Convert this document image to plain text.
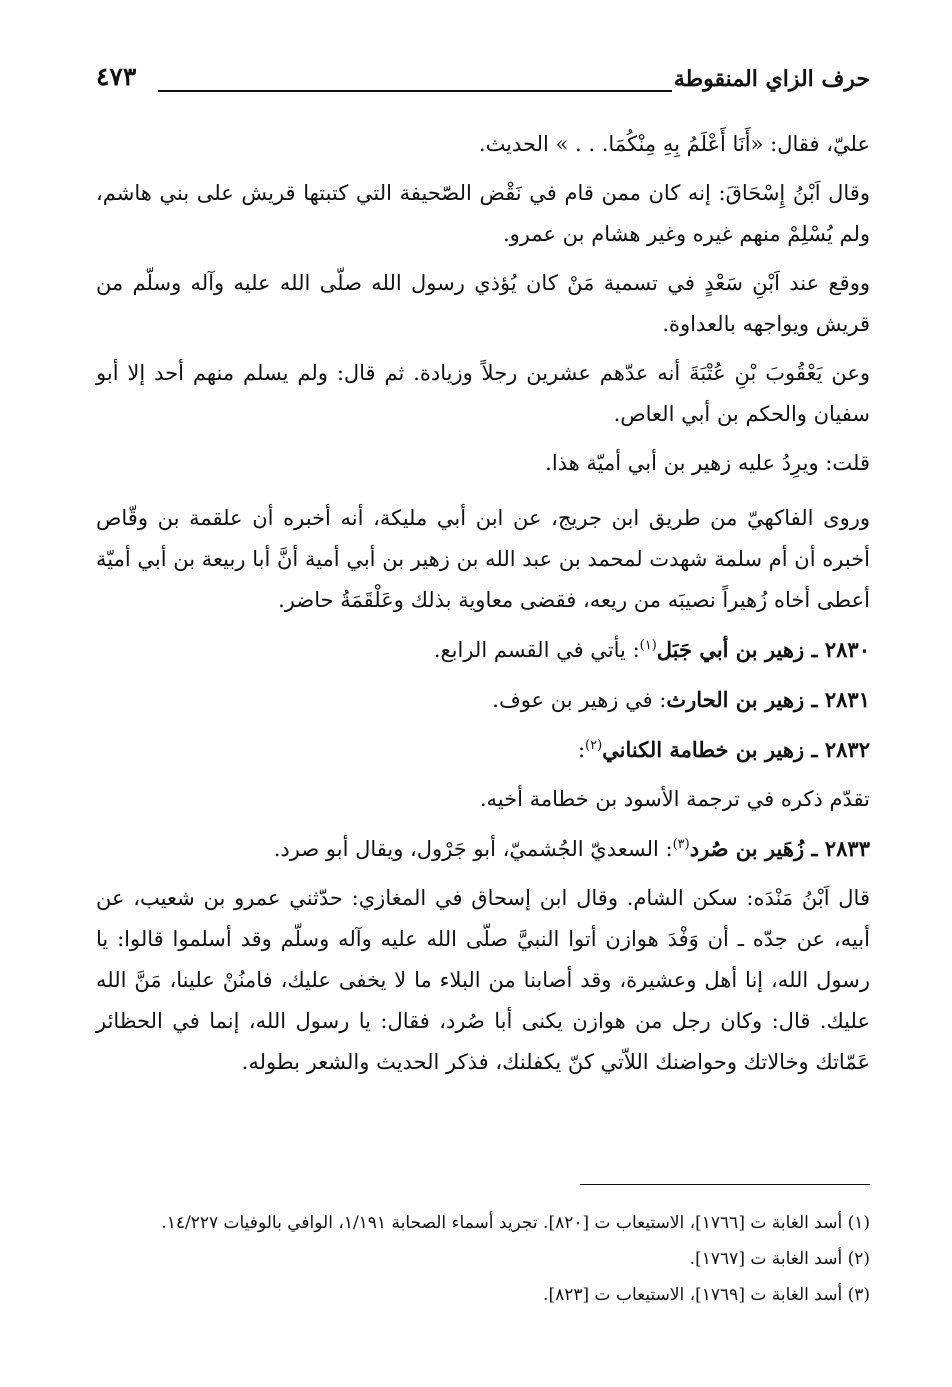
حرف الزاي المنقوطة
٤٧٣

عليّ، فقال: «أَنَا أَعْلَمُ بِهِ مِنْكُمَا. . . » الحديث.

وقال اَبْنُ إِسْحَاقَ: إنه كان ممن قام في نَقْض الصّحيفة التي كتبتها قريش على بني هاشم، ولم يُسْلِمْ منهم غيره وغير هشام بن عمرو.

ووقع عند اَبْنِ سَعْدٍ في تسمية مَنْ كان يُؤذي رسول الله صلّى الله عليه وآله وسلّم من قريش ويواجهه بالعداوة.

وعن يَعْقُوبَ بْنِ عُتْبَةَ أنه عدّهم عشرين رجلاً وزيادة. ثم قال: ولم يسلم منهم أحد إلا أبو سفيان والحكم بن أبي العاص.

قلت: ويرِدُ عليه زهير بن أبي أميّة هذا.

وروى الفاكهيّ من طريق ابن جريج، عن ابن أبي مليكة، أنه أخبره أن علقمة بن وقّاص أخبره أن أم سلمة شهدت لمحمد بن عبد الله بن زهير بن أبي أمية أنَّ أبا ربيعة بن أبي أميّة أعطى أخاه زُهيراً نصيبَه من ريعه، فقضى معاوية بذلك وعَلْقَمَةُ حاضر.

٢٨٣٠ ـ زهير بن أبي جَبَل$^{(١)}$: يأتي في القسم الرابع.

٢٨٣١ ـ زهير بن الحارث: في زهير بن عوف.

٢٨٣٢ ـ زهير بن خطامة الكناني$^{(٢)}$:

تقدّم ذكره في ترجمة الأسود بن خطامة أخيه.

٢٨٣٣ ـ زُهَير بن صُرد$^{(٣)}$: السعديّ الجُشميّ، أبو جَرْول، ويقال أبو صرد.

قال اَبْنُ مَنْدَه: سكن الشام. وقال ابن إسحاق في المغازي: حدّثني عمرو بن شعيب، عن أبيه، عن جدّه ـ أن وَفْدَ هوازن أتوا النبيَّ صلّى الله عليه وآله وسلّم وقد أسلموا قالوا: يا رسول الله، إنا أهل وعشيرة، وقد أصابنا من البلاء ما لا يخفى عليك، فامنُنْ علينا، مَنَّ الله عليك. قال: وكان رجل من هوازن يكنى أبا صُرد، فقال: يا رسول الله، إنما في الحظائر عَمّاتك وخالاتك وحواضنك اللاّتي كنّ يكفلنك، فذكر الحديث والشعر بطوله.

(١) أسد الغابة ت [١٧٦٦]، الاستيعاب ت [٨٢٠]. تجريد أسماء الصحابة ١/١٩١، الوافي بالوفيات ١٤/٢٢٧.

(٢) أسد الغابة ت [١٧٦٧].

(٣) أسد الغابة ت [١٧٦٩]، الاستيعاب ت [٨٢٣].
